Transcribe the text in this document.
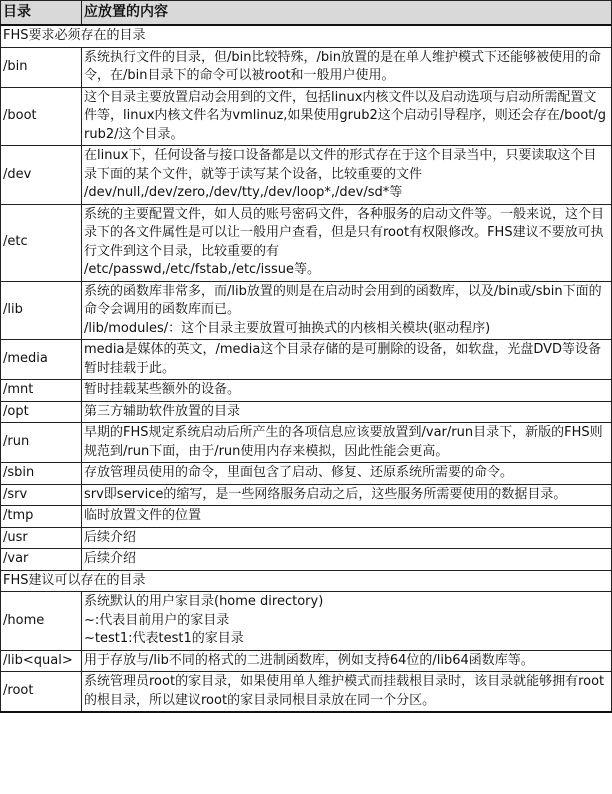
目录	应放置的内容
FHS要求必须存在的目录	
/bin	系统执行文件的目录，但/bin比较特殊，/bin放置的是在单人维护模式下还能够被使用的命令，在/bin目录下的命令可以被root和一般用户使用。

/boot	这个目录主要放置启动会用到的文件，包括linux内核文件以及启动选项与启动所需配置文件等，linux内核文件名为vmlinuz,如果使用grub2这个启动引导程序，则还会存在/boot/grub2/这个目录。

/dev	在linux下，任何设备与接口设备都是以文件的形式存在于这个目录当中，只要读取这个目录下面的某个文件，就等于读写某个设备，比较重要的文件
/dev/null,/dev/zero,/dev/tty,/dev/loop*,/dev/sd*等

/etc	系统的主要配置文件，如人员的账号密码文件，各种服务的启动文件等。一般来说，这个目录下的各文件属性是可以让一般用户查看，但是只有root有权限修改。FHS建议不要放可执行文件到这个目录，比较重要的有
/etc/passwd,/etc/fstab,/etc/issue等。

/lib	系统的函数库非常多，而/lib放置的则是在启动时会用到的函数库，以及/bin或/sbin下面的命令会调用的函数库而已。
/lib/modules/：这个目录主要放置可抽换式的内核相关模块(驱动程序)

/media	media是媒体的英文，/media这个目录存储的是可删除的设备，如软盘，光盘DVD等设备暂时挂载于此。

/mnt	暂时挂载某些额外的设备。

/opt	第三方辅助软件放置的目录

/run	早期的FHS规定系统启动后所产生的各项信息应该要放置到/var/run目录下，新版的FHS则规范到/run下面，由于/run使用内存来模拟，因此性能会更高。

/sbin	存放管理员使用的命令，里面包含了启动、修复、还原系统所需要的命令。

/srv	srv即service的缩写，是一些网络服务启动之后，这些服务所需要使用的数据目录。

/tmp	临时放置文件的位置

/usr	后续介绍

/var	后续介绍

FHS建议可以存在的目录	
/home	系统默认的用户家目录(home directory)
~:代表目前用户的家目录
~test1:代表test1的家目录

/lib<qual>	用于存放与/lib不同的格式的二进制函数库，例如支持64位的/lib64函数库等。

/root	系统管理员root的家目录，如果使用单人维护模式而挂载根目录时，该目录就能够拥有root的根目录，所以建议root的家目录同根目录放在同一个分区。
